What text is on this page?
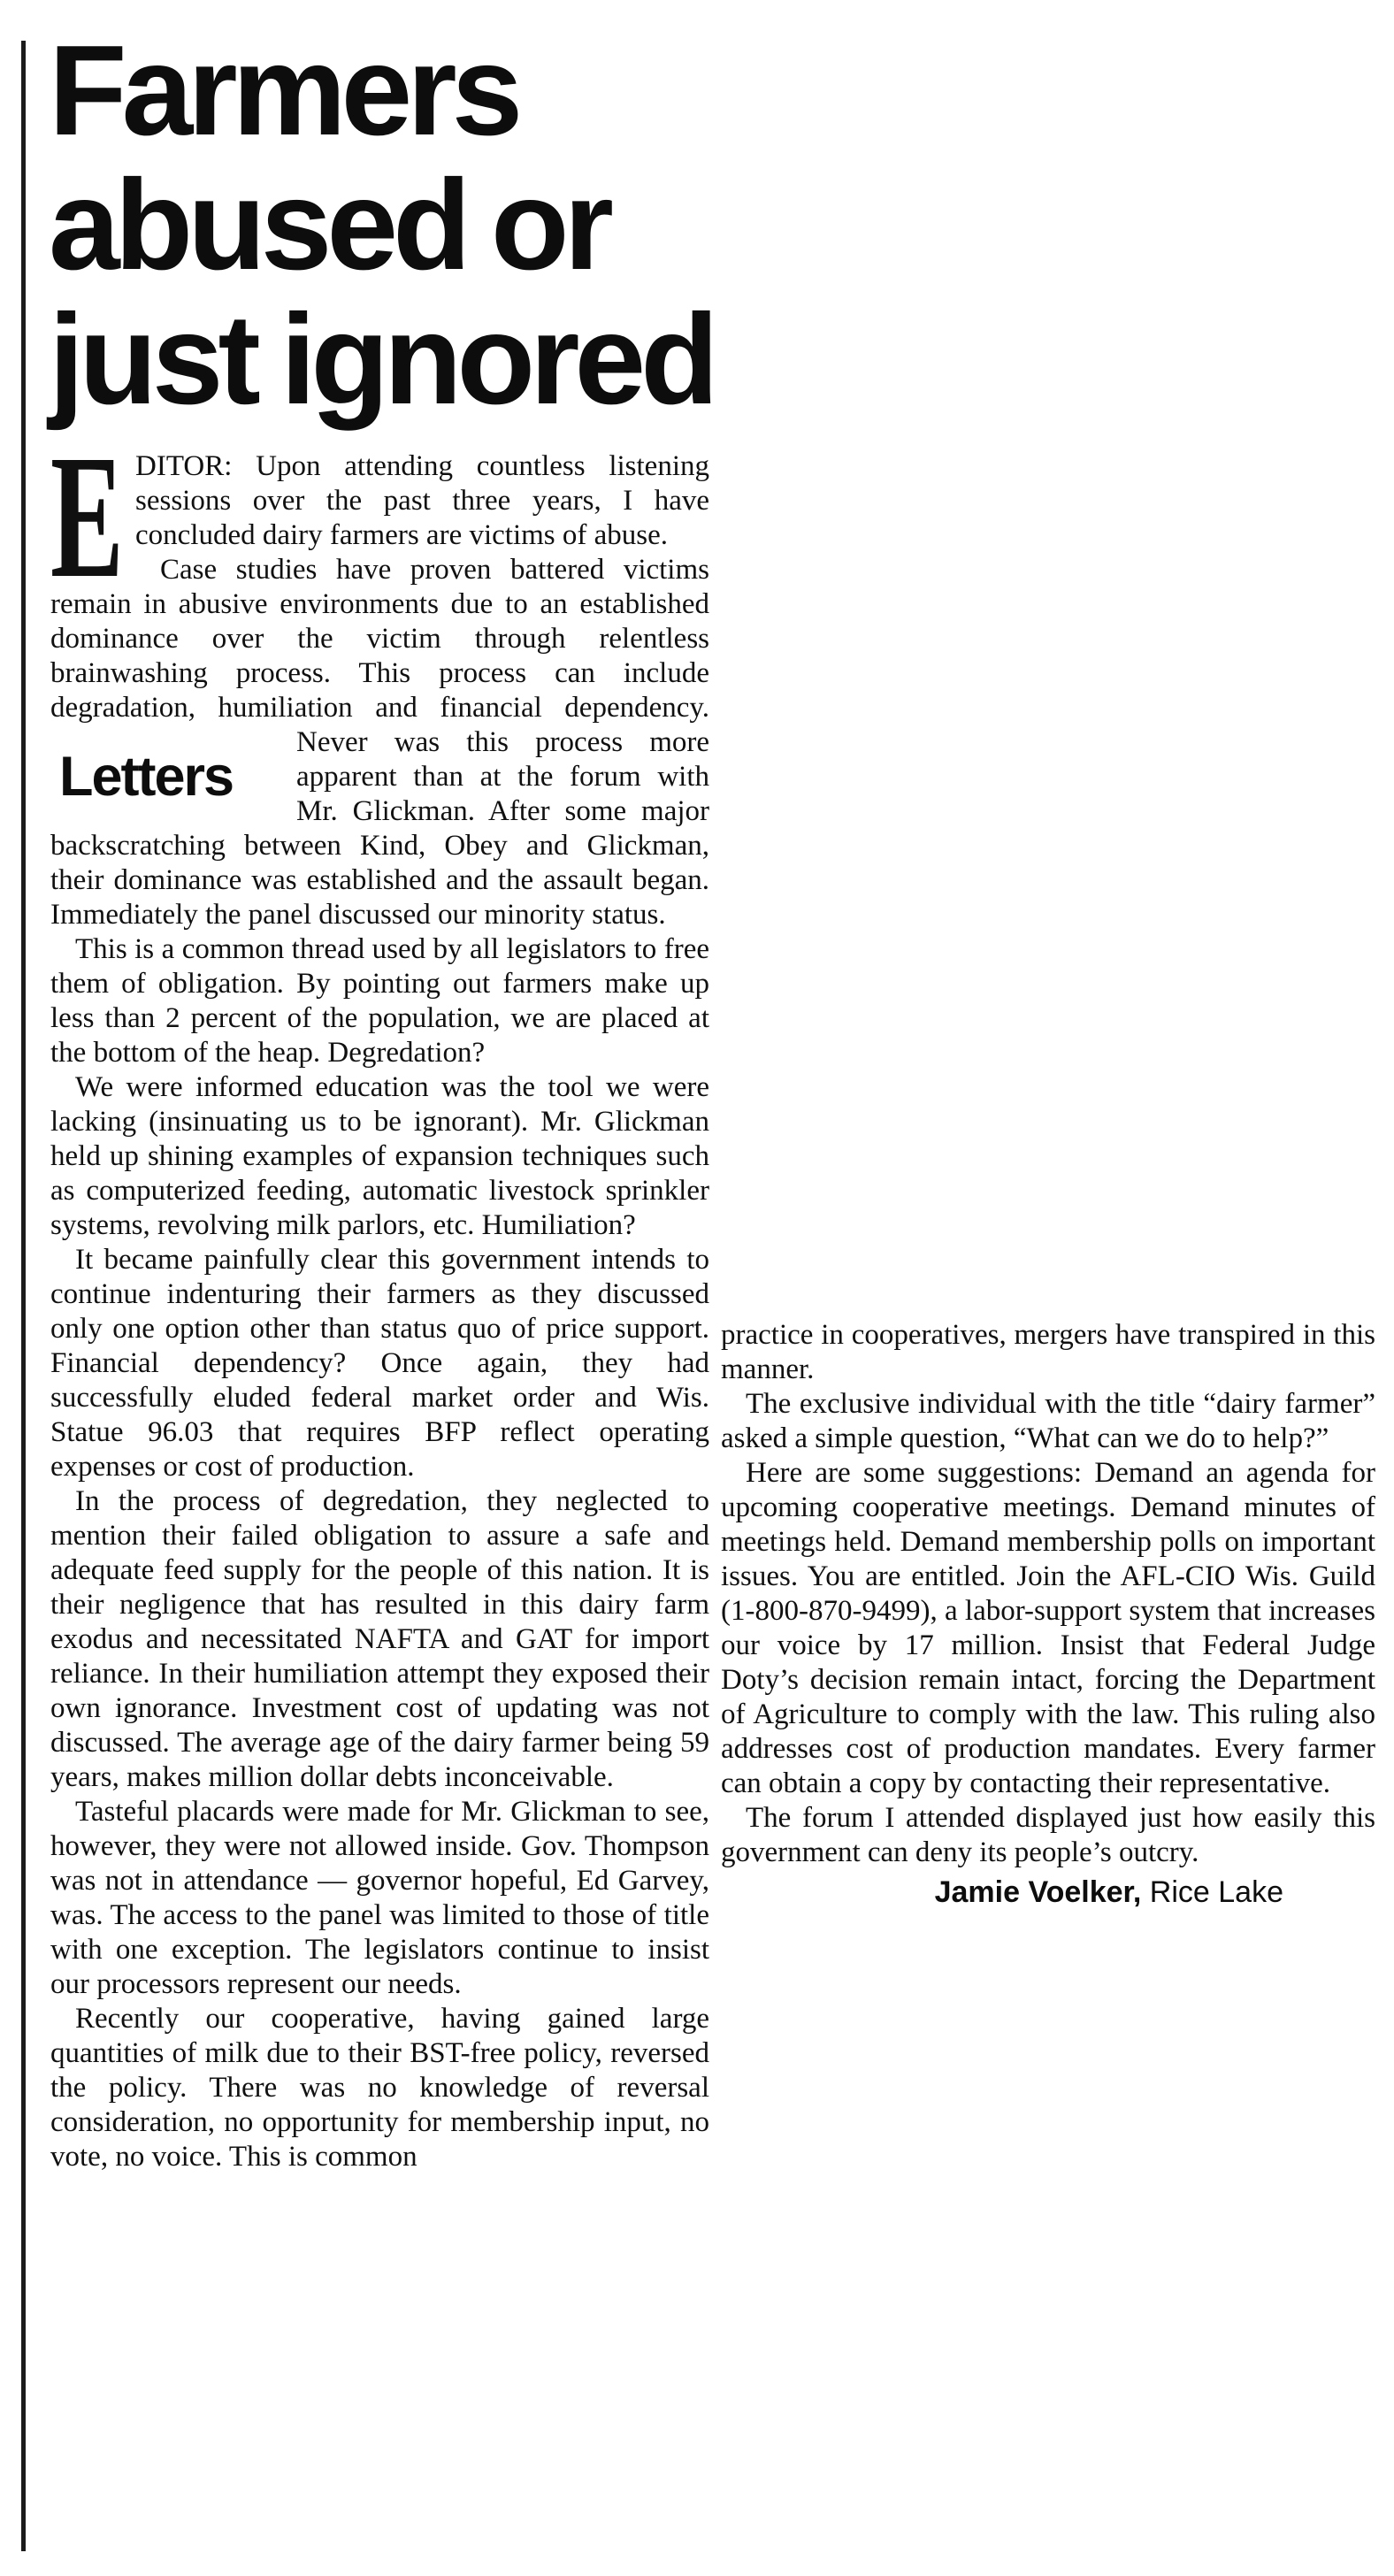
Farmers
abused or
just ignored

E DITOR: Upon attending countless listening sessions over the past three years, I have concluded dairy farmers are victims of abuse.

Case studies have proven battered victims remain in abusive environments due to an established dominance over the victim through relentless brainwashing process. This process can include degradation, humiliation and financial dependency. Never was this process more
Letters apparent than at the forum with Mr. Glickman. After some major backscratching between Kind, Obey and Glickman, their dominance was established and the assault began. Immediately the panel discussed our minority status.

This is a common thread used by all legislators to free them of obligation. By pointing out farmers make up less than 2 percent of the population, we are placed at the bottom of the heap. Degredation?

We were informed education was the tool we were lacking (insinuating us to be ignorant). Mr. Glickman held up shining examples of expansion techniques such as computerized feeding, automatic livestock sprinkler systems, revolving milk parlors, etc. Humiliation?

It became painfully clear this government intends to continue indenturing their farmers as they discussed only one option other than status quo of price support. Financial dependency? Once again, they had successfully eluded federal market order and Wis. Statue 96.03 that requires BFP reflect operating expenses or cost of production.

In the process of degredation, they neglected to mention their failed obligation to assure a safe and adequate feed supply for the people of this nation. It is their negligence that has resulted in this dairy farm exodus and necessitated NAFTA and GAT for import reliance. In their humiliation attempt they exposed their own ignorance. Investment cost of updating was not discussed. The average age of the dairy farmer being 59 years, makes million dollar debts inconceivable.

Tasteful placards were made for Mr. Glickman to see, however, they were not allowed inside. Gov. Thompson was not in attendance — governor hopeful, Ed Garvey, was. The access to the panel was limited to those of title with one exception. The legislators continue to insist our processors represent our needs.

Recently our cooperative, having gained large quantities of milk due to their BST-free policy, reversed the policy. There was no knowledge of reversal consideration, no opportunity for membership input, no vote, no voice. This is common

practice in cooperatives, mergers have transpired in this manner.

The exclusive individual with the title “dairy farmer” asked a simple question, “What can we do to help?”

Here are some suggestions: Demand an agenda for upcoming cooperative meetings. Demand minutes of meetings held. Demand membership polls on important issues. You are entitled. Join the AFL-CIO Wis. Guild (1-800-870-9499), a labor-support system that increases our voice by 17 million. Insist that Federal Judge Doty’s decision remain intact, forcing the Department of Agriculture to comply with the law. This ruling also addresses cost of production mandates. Every farmer can obtain a copy by contacting their representative.

The forum I attended displayed just how easily this government can deny its people’s outcry.

Jamie Voelker, Rice Lake
